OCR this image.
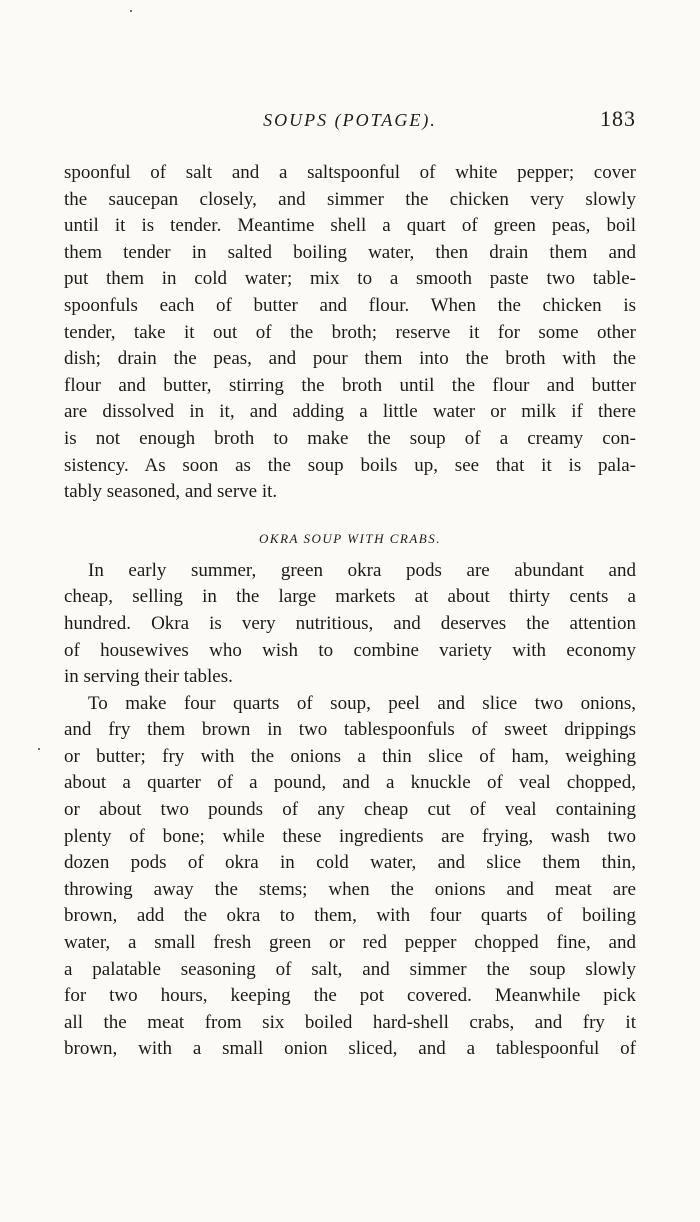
SOUPS (POTAGE).	183
spoonful of salt and a saltspoonful of white pepper; cover
the saucepan closely, and simmer the chicken very slowly
until it is tender. Meantime shell a quart of green peas, boil
them tender in salted boiling water, then drain them and
put them in cold water; mix to a smooth paste two table-
spoonfuls each of butter and flour. When the chicken is
tender, take it out of the broth; reserve it for some other
dish; drain the peas, and pour them into the broth with the
flour and butter, stirring the broth until the flour and butter
are dissolved in it, and adding a little water or milk if there
is not enough broth to make the soup of a creamy con-
sistency. As soon as the soup boils up, see that it is pala-
tably seasoned, and serve it.
OKRA SOUP WITH CRABS.
In early summer, green okra pods are abundant and
cheap, selling in the large markets at about thirty cents a
hundred. Okra is very nutritious, and deserves the attention
of housewives who wish to combine variety with economy
in serving their tables.
To make four quarts of soup, peel and slice two onions,
and fry them brown in two tablespoonfuls of sweet drippings
or butter; fry with the onions a thin slice of ham, weighing
about a quarter of a pound, and a knuckle of veal chopped,
or about two pounds of any cheap cut of veal containing
plenty of bone; while these ingredients are frying, wash two
dozen pods of okra in cold water, and slice them thin,
throwing away the stems; when the onions and meat are
brown, add the okra to them, with four quarts of boiling
water, a small fresh green or red pepper chopped fine, and
a palatable seasoning of salt, and simmer the soup slowly
for two hours, keeping the pot covered. Meanwhile pick
all the meat from six boiled hard-shell crabs, and fry it
brown, with a small onion sliced, and a tablespoonful of
